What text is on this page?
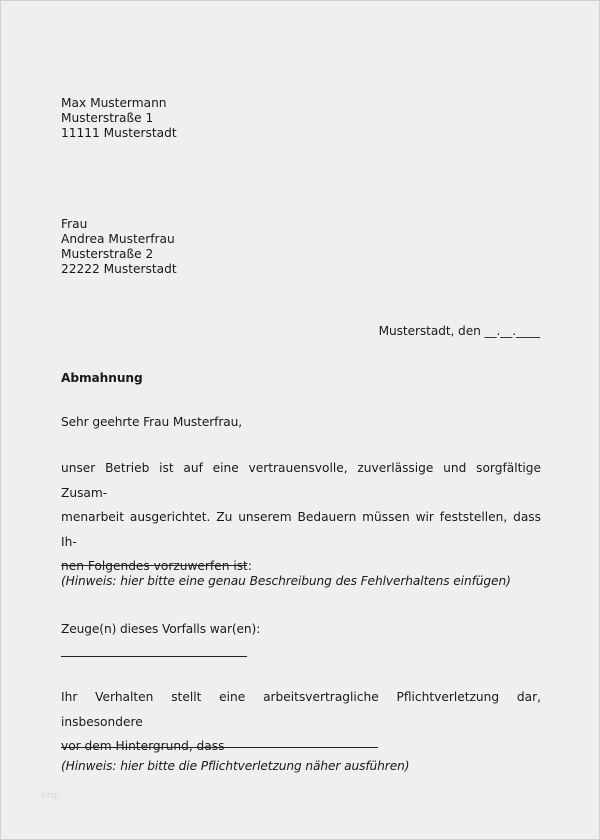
Max Mustermann
Musterstraße 1
11111 Musterstadt
Frau
Andrea Musterfrau
Musterstraße 2
22222 Musterstadt
Musterstadt, den __.__.____
Abmahnung
Sehr geehrte Frau Musterfrau,
unser Betrieb ist auf eine vertrauensvolle, zuverlässige und sorgfältige Zusam-
menarbeit ausgerichtet. Zu unserem Bedauern müssen wir feststellen, dass Ih-
nen Folgendes vorzuwerfen ist:
(Hinweis: hier bitte eine genau Beschreibung des Fehlverhaltens einfügen)
Zeuge(n) dieses Vorfalls war(en):
Ihr Verhalten stellt eine arbeitsvertragliche Pflichtverletzung dar, insbesondere
vor dem Hintergrund, dass
(Hinweis: hier bitte die Pflichtverletzung näher ausführen)
http
